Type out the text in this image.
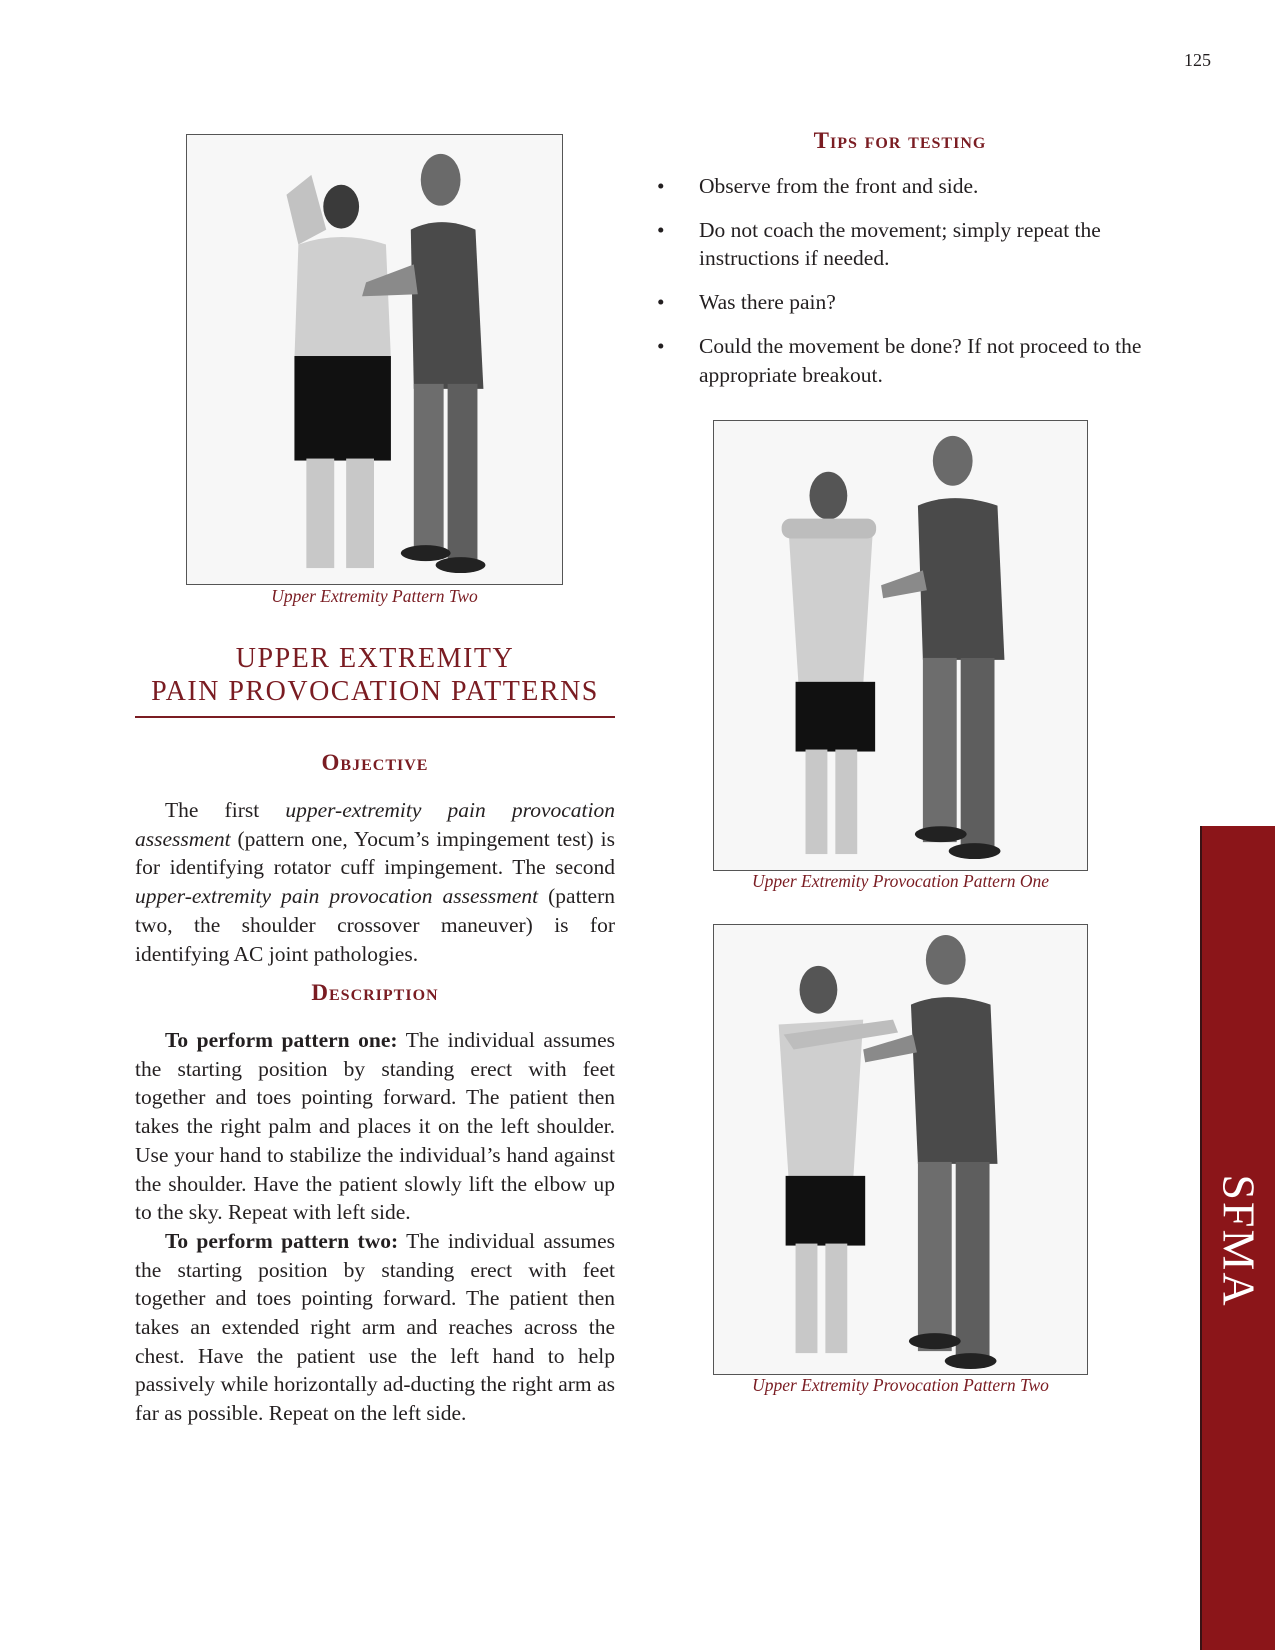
125
Upper Extremity Pattern Two
UPPER EXTREMITY
PAIN PROVOCATION PATTERNS
Objective

The first upper-extremity pain provocation assessment (pattern one, Yocum’s impingement test) is for identifying rotator cuff impingement. The second upper-extremity pain provocation assessment (pattern two, the shoulder crossover maneuver) is for identifying AC joint pathologies.

Description

To perform pattern one: The individual assumes the starting position by standing erect with feet together and toes pointing forward. The patient then takes the right palm and places it on the left shoulder. Use your hand to stabilize the individual’s hand against the shoulder. Have the patient slowly lift the elbow up to the sky. Repeat with left side.

To perform pattern two: The individual assumes the starting position by standing erect with feet together and toes pointing forward. The patient then takes an extended right arm and reaches across the chest. Have the patient use the left hand to help passively while horizontally ad-ducting the right arm as far as possible. Repeat on the left side.

Tips for testing
• Observe from the front and side.
• Do not coach the movement; simply repeat the instructions if needed.
• Was there pain?
• Could the movement be done? If not proceed to the appropriate breakout.
Upper Extremity Provocation Pattern One
Upper Extremity Provocation Pattern Two
SFMA
